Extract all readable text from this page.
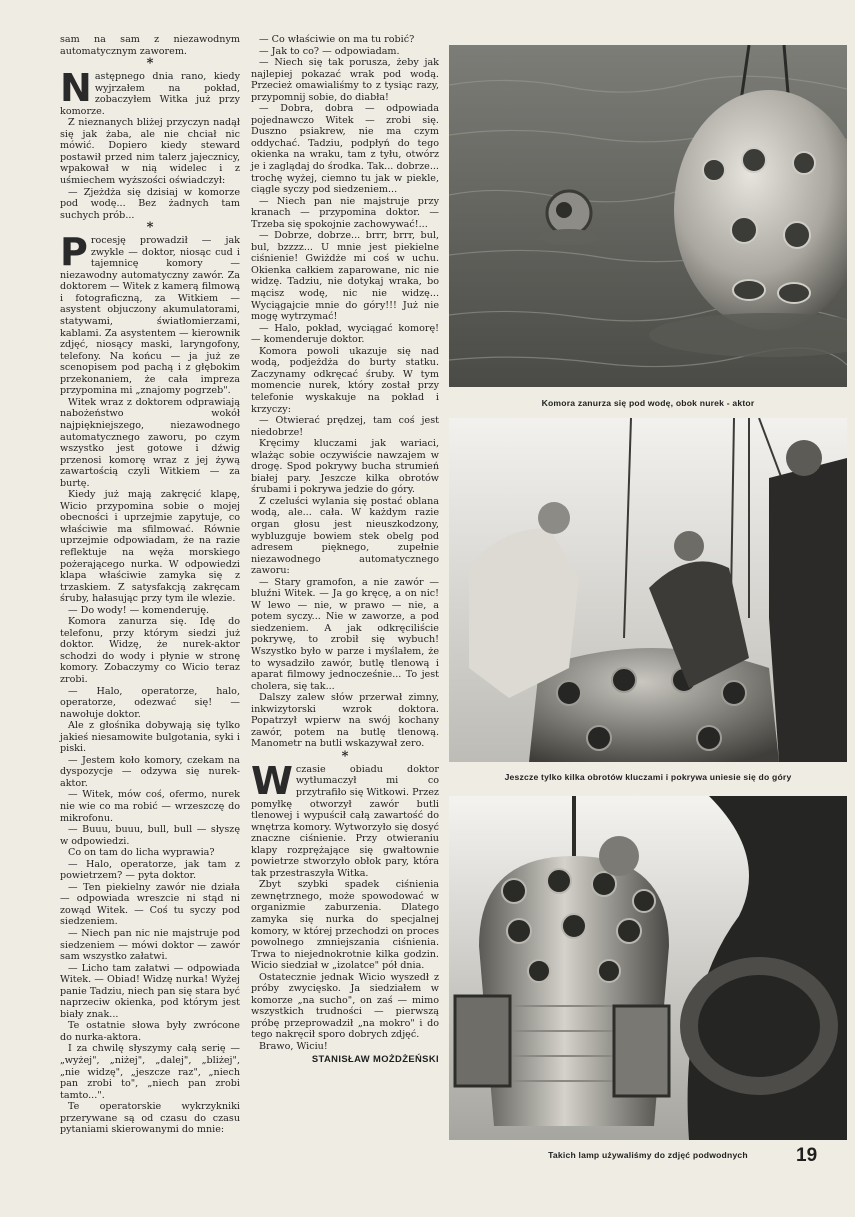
sam na sam z niezawodnym automatycznym zaworem.

*

Następnego dnia rano, kiedy wyjrzałem na pokład, zobaczyłem Witka już przy komorze.

Z nieznanych bliżej przyczyn nadął się jak żaba, ale nie chciał nic mówić. Dopiero kiedy steward postawił przed nim talerz jajecznicy, wpakował w nią widelec i z uśmiechem wyższości oświadczył:

— Zjeżdża się dzisiaj w komorze pod wodę... Bez żadnych tam suchych prób...

*

Procesję prowadził — jak zwykle — doktor, niosąc cud i tajemnicę komory — niezawodny automatyczny zawór. Za doktorem — Witek z kamerą filmową i fotograficzną, za Witkiem — asystent objuczony akumulatorami, statywami, światłomierzami, kablami. Za asystentem — kierownik zdjęć, niosący maski, laryngofony, telefony. Na końcu — ja już ze scenopisem pod pachą i z głębokim przekonaniem, że cała impreza przypomina mi „znajomy pogrzeb".

Witek wraz z doktorem odprawiają nabożeństwo wokół najpiękniejszego, niezawodnego automatycznego zaworu, po czym wszystko jest gotowe i dźwig przenosi komorę wraz z jej żywą zawartością czyli Witkiem — za burtę.

Kiedy już mają zakręcić klapę, Wicio przypomina sobie o mojej obecności i uprzejmie zapytuje, co właściwie ma sfilmować. Równie uprzejmie odpowiadam, że na razie reflektuje na węża morskiego pożerającego nurka. W odpowiedzi klapa właściwie zamyka się z trzaskiem. Z satysfakcją zakręcam śruby, hałasując przy tym ile wlezie.

— Do wody! — komenderuję.

Komora zanurza się. Idę do telefonu, przy którym siedzi już doktor. Widzę, że nurek-aktor schodzi do wody i płynie w stronę komory. Zobaczymy co Wicio teraz zrobi.

— Halo, operatorze, halo, operatorze, odezwać się! — nawołuje doktor.

Ale z głośnika dobywają się tylko jakieś niesamowite bulgotania, syki i piski.

— Jestem koło komory, czekam na dyspozycje — odzywa się nurek-aktor.

— Witek, mów coś, ofermo, nurek nie wie co ma robić — wrzeszczę do mikrofonu.

— Buuu, buuu, bull, bull — słyszę w odpowiedzi.

Co on tam do licha wyprawia?

— Halo, operatorze, jak tam z powietrzem? — pyta doktor.

— Ten piekielny zawór nie działa — odpowiada wreszcie ni stąd ni zowąd Witek. — Coś tu syczy pod siedzeniem.

— Niech pan nic nie majstruje pod siedzeniem — mówi doktor — zawór sam wszystko załatwi.

— Licho tam załatwi — odpowiada Witek. — Obiad! Widzę nurka! Wyżej panie Tadziu, niech pan się stara być naprzeciw okienka, pod którym jest biały znak...

Te ostatnie słowa były zwrócone do nurka-aktora.

I za chwilę słyszymy całą serię — „wyżej", „niżej", „dalej", „bliżej", „nie widzę", „jeszcze raz", „niech pan zrobi to", „niech pan zrobi tamto...".

Te operatorskie wykrzykniki przerywane są od czasu do czasu pytaniami skierowanymi do mnie:

— Co właściwie on ma tu robić?

— Jak to co? — odpowiadam.

— Niech się tak porusza, żeby jak najlepiej pokazać wrak pod wodą. Przecież omawialiśmy to z tysiąc razy, przypomnij sobie, do diabła!

— Dobra, dobra — odpowiada pojednawczo Witek — zrobi się. Duszno psiakrew, nie ma czym oddychać. Tadziu, podpłyń do tego okienka na wraku, tam z tyłu, otwórz je i zaglądaj do środka. Tak... dobrze... trochę wyżej, ciemno tu jak w piekle, ciągle syczy pod siedzeniem...

— Niech pan nie majstruje przy kranach — przypomina doktor. — Trzeba się spokojnie zachowywać!...

— Dobrze, dobrze... brrr, brrr, bul, bul, bzzzz... U mnie jest piekielne ciśnienie! Gwiżdże mi coś w uchu. Okienka całkiem zaparowane, nic nie widzę. Tadziu, nie dotykaj wraka, bo mącisz wodę, nic nie widzę... Wyciągajcie mnie do góry!!! Już nie mogę wytrzymać!

— Halo, pokład, wyciągać komorę! — komenderuje doktor.

Komora powoli ukazuje się nad wodą, podjeżdża do burty statku. Zaczynamy odkręcać śruby. W tym momencie nurek, który został przy telefonie wyskakuje na pokład i krzyczy:

— Otwierać prędzej, tam coś jest niedobrze!

Kręcimy kluczami jak wariaci, wlażąc sobie oczywiście nawzajem w drogę. Spod pokrywy bucha strumień białej pary. Jeszcze kilka obrotów śrubami i pokrywa jedzie do góry.

Z czeluści wylania się postać oblana wodą, ale... cała. W każdym razie organ głosu jest nieuszkodzony, wybluzguje bowiem stek obelg pod adresem pięknego, zupełnie niezawodnego automatycznego zaworu:

— Stary gramofon, a nie zawór — bluźni Witek. — Ja go kręcę, a on nic! W lewo — nie, w prawo — nie, a potem syczy... Nie w zaworze, a pod siedzeniem. A jak odkręciliście pokrywę, to zrobił się wybuch! Wszystko było w parze i myślałem, że to wysadziło zawór, butlę tlenową i aparat filmowy jednocześnie... To jest cholera, się tak...

Dalszy zalew słów przerwał zimny, inkwizytorski wzrok doktora. Popatrzył wpierw na swój kochany zawór, potem na butlę tlenową. Manometr na butli wskazywał zero.

*

Wczasie obiadu doktor wytłumaczył mi co przytrafiło się Witkowi. Przez pomyłkę otworzył zawór butli tlenowej i wypuścił całą zawartość do wnętrza komory. Wytworzyło się dosyć znaczne ciśnienie. Przy otwieraniu klapy rozprężające się gwałtownie powietrze stworzyło obłok pary, która tak przestraszyła Witka.

Zbyt szybki spadek ciśnienia zewnętrznego, może spowodować w organizmie zaburzenia. Dlatego zamyka się nurka do specjalnej komory, w której przechodzi on proces powolnego zmniejszania ciśnienia. Trwa to niejednokrotnie kilka godzin. Wicio siedział w „izolatce" pół dnia.

Ostatecznie jednak Wicio wyszedł z próby zwycięsko. Ja siedziałem w komorze „na sucho", on zaś — mimo wszystkich trudności — pierwszą próbę przeprowadził „na mokro" i do tego nakręcił sporo dobrych zdjęć.

Brawo, Wiciu!

STANISŁAW MOŻDŻEŃSKI

Komora zanurza się pod wodę, obok nurek - aktor
Jeszcze tylko kilka obrotów kluczami i pokrywa uniesie się do góry
Takich lamp używaliśmy do zdjęć podwodnych	19
